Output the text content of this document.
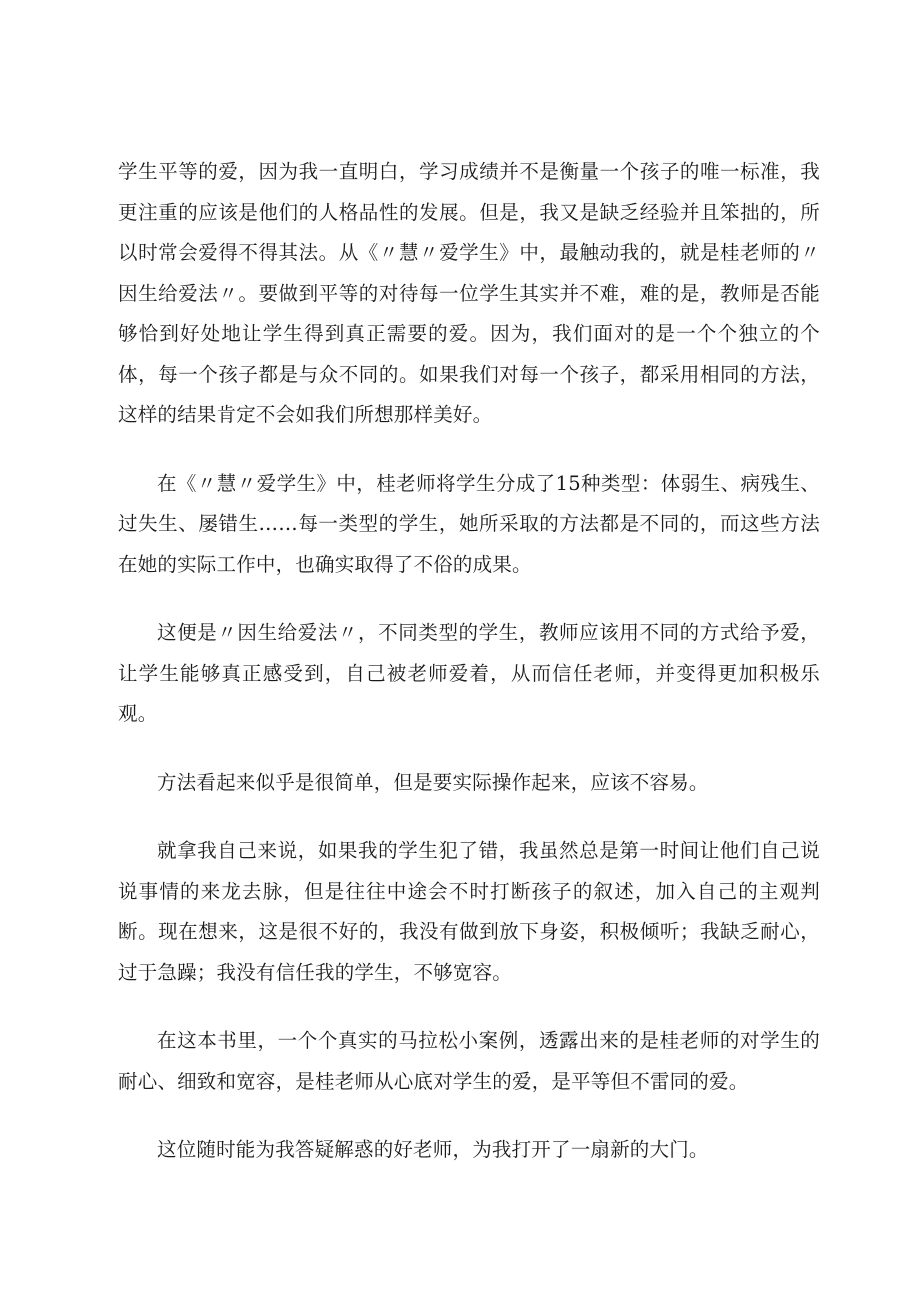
学生平等的爱，因为我一直明白，学习成绩并不是衡量一个孩子的唯一标准，我更注重的应该是他们的人格品性的发展。但是，我又是缺乏经验并且笨拙的，所以时常会爱得不得其法。从《〃慧〃爱学生》中，最触动我的，就是桂老师的〃因生给爱法〃。要做到平等的对待每一位学生其实并不难，难的是，教师是否能够恰到好处地让学生得到真正需要的爱。因为，我们面对的是一个个独立的个体，每一个孩子都是与众不同的。如果我们对每一个孩子，都采用相同的方法，这样的结果肯定不会如我们所想那样美好。

在《〃慧〃爱学生》中，桂老师将学生分成了15种类型：体弱生、病残生、过失生、屡错生……每一类型的学生，她所采取的方法都是不同的，而这些方法在她的实际工作中，也确实取得了不俗的成果。

这便是〃因生给爱法〃，不同类型的学生，教师应该用不同的方式给予爱，让学生能够真正感受到，自己被老师爱着，从而信任老师，并变得更加积极乐观。

方法看起来似乎是很简单，但是要实际操作起来，应该不容易。

就拿我自己来说，如果我的学生犯了错，我虽然总是第一时间让他们自己说说事情的来龙去脉，但是往往中途会不时打断孩子的叙述，加入自己的主观判断。现在想来，这是很不好的，我没有做到放下身姿，积极倾听；我缺乏耐心，过于急躁；我没有信任我的学生，不够宽容。

在这本书里，一个个真实的马拉松小案例，透露出来的是桂老师的对学生的耐心、细致和宽容，是桂老师从心底对学生的爱，是平等但不雷同的爱。

这位随时能为我答疑解惑的好老师，为我打开了一扇新的大门。
